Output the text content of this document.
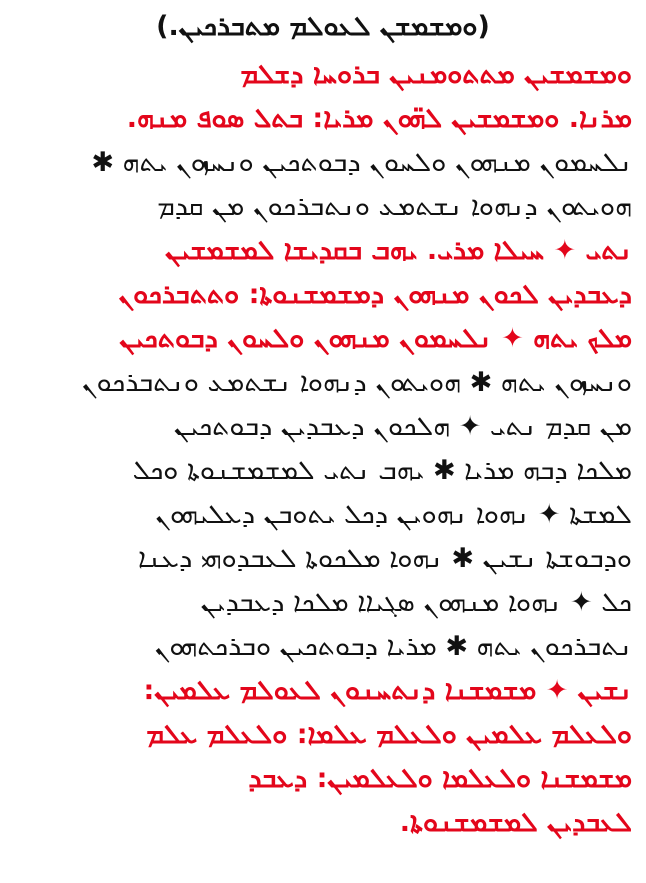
(ܘܡܫܡܫܢ ܠܥܘܠܡ ܡܬܒܪܟܝܢ.)
ܘܡܫܡܫܝܢ ܡܬܬܘܡܢܝܢ ܒܪܘܚܐ ܕܫܠܡ
ܡܪܢܐ. ܘܡܫܡܫܝܢ ܠܗ̈ܘܢ ܡܪܝܐ: ܒܬܠ ܣܘܦ ܡܢܗ.
ܢܠܚܡܘܢ ܡܢܗܘܢ ܘܠܚܘܢ ܕܒܘܬܟܝܢ ܘܢܚܙܘܢ ܝܬܗ ✱
ܗܘܝܬܘܢ ܕܢܗܘܐ ܢܫܬܡܥ ܘܢܬܒܪܟܘܢ ܡܢ ܩܕܡ
ܢܬܝ ✦ ܚܝܠܐ ܡܪܝ. ܝܗܒ ܒܩܕܝܫܐ ܠܡܫܡܫܝܢ
ܕܥܒܕܝܢ ܠܟܘܢ ܡܢܗܘܢ ܕܡܫܡܫܢܘܬܐ: ܘܬܬܒܪܟܘܢ
ܡܠܟ ܝܬܗ ✦ ܢܠܚܡܘܢ ܡܢܗܘܢ ܘܠܚܘܢ ܕܒܘܬܟܝܢ
ܘܢܚܙܘܢ ܝܬܗ ✱ ܗܘܝܬܘܢ ܕܢܗܘܐ ܢܫܬܡܥ ܘܢܬܒܪܟܘܢ
ܡܢ ܩܕܡ ܢܬܝ ✦ ܗܠܟܘܢ ܕܥܒܕܝܢ ܕܒܘܬܟܝܢ
ܡܠܟܐ ܕܒܗ ܡܪܝܐ ✱ ܝܗܒ ܢܬܝ ܠܡܫܡܫܢܘܬܐ ܘܟܠ
ܠܡܫܬܐ ✦ ܢܗܘܐ ܢܗܘܝܢ ܕܟܠ ܝܬܘܒܢ ܕܥܠܝܗܘܢ
ܘܕܒܘܫܬܐ ܢܫܝܢ ✱ ܢܗܘܐ ܡܠܟܘܬܐ ܠܥܒܕܘܗܝ ܕܥܢܐ
ܟܠ ✦ ܢܗܘܐ ܡܢܗܘܢ ܣܓܝܐܐ ܡܠܟܐ ܕܥܒܕܝܢ
ܢܬܒܪܟܘܢ ܝܬܗ ✱ ܡܪܝܐ ܕܒܘܬܟܝܢ ܘܒܪܟܬܗܘܢ
ܢܫܝܢ ✦ ܡܫܡܫܢܐ ܕܢܬܚܢܘܢ ܠܥܘܠܡ ܥܠܡܝܢ:
ܘܠܥܠܡ ܥܠܡܝܢ ܘܠܥܠܡ ܥܠܡܐ: ܘܠܥܠܡ ܥܠܡ
ܡܫܡܫܢܐ ܘܠܥܠܡܐ ܘܠܥܠܡܝܢ: ܕܥܒܕ
ܠܥܒܕܝܢ ܠܡܫܡܫܢܘܬܐ.
